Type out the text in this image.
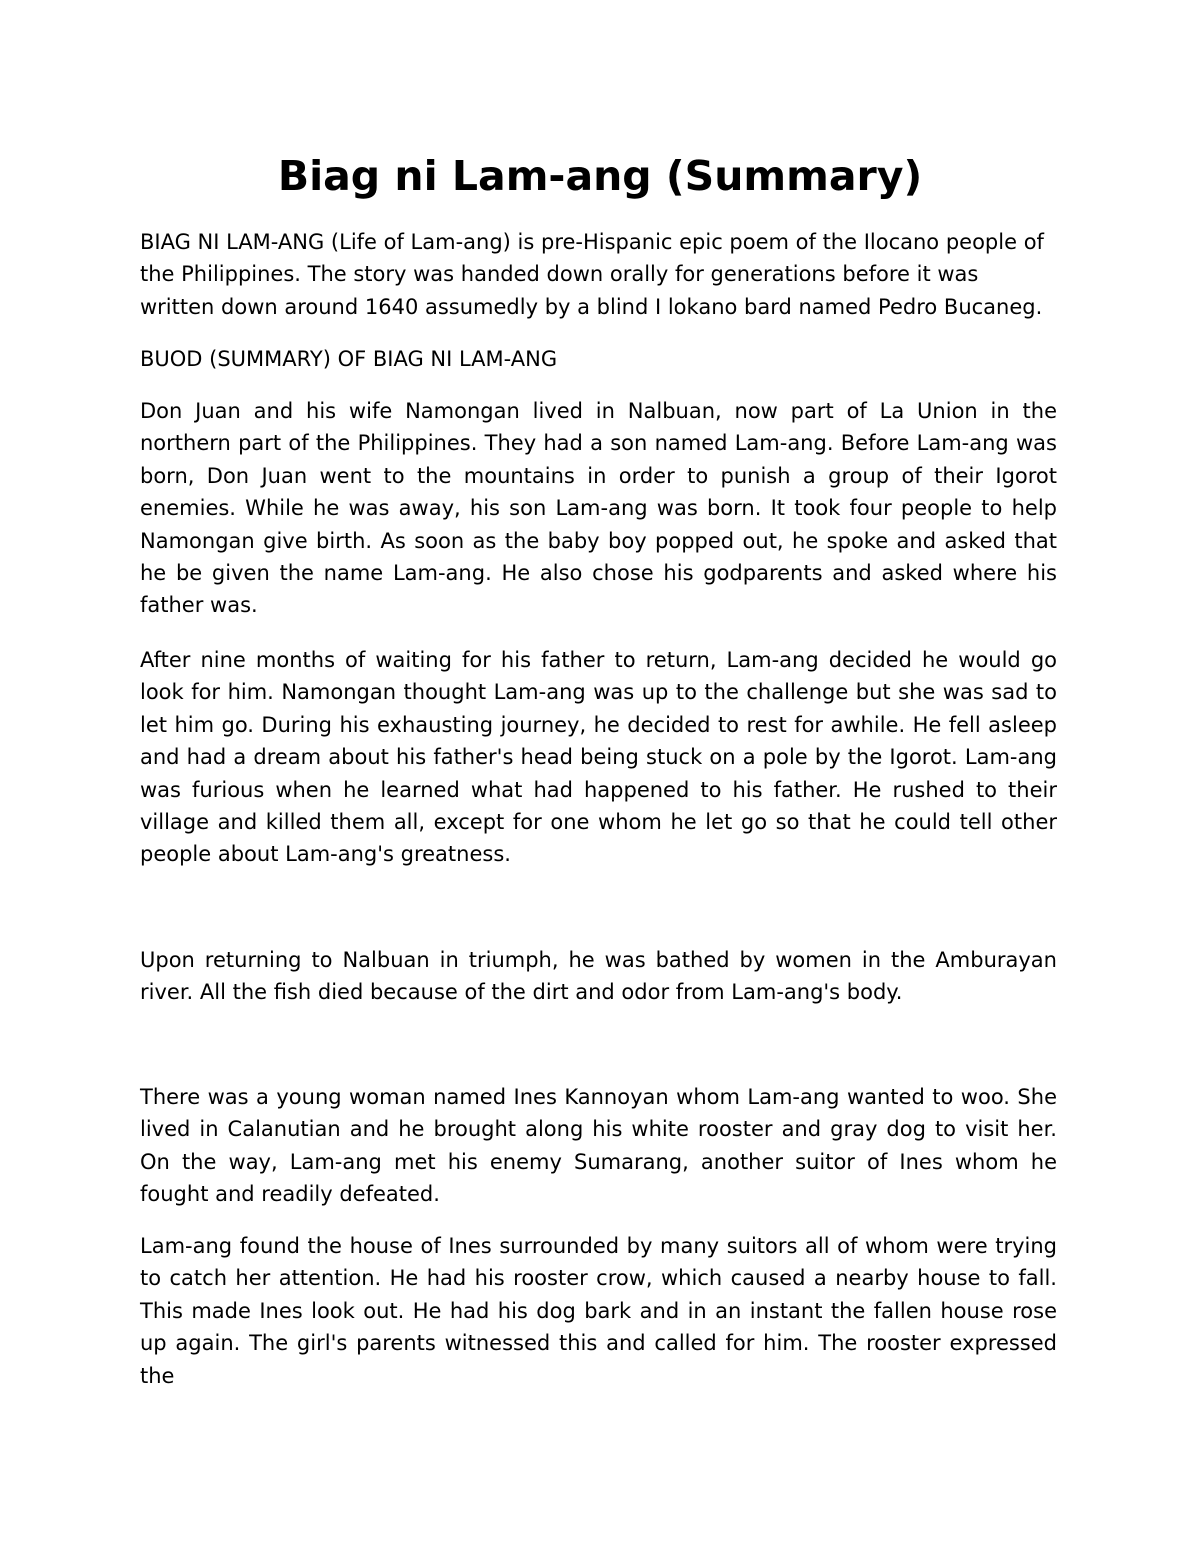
Biag ni Lam-ang (Summary)

BIAG NI LAM-ANG (Life of Lam-ang) is pre-Hispanic epic poem of the Ilocano people of the Philippines. The story was handed down orally for generations before it was written down around 1640 assumedly by a blind I lokano bard named Pedro Bucaneg.

BUOD (SUMMARY) OF BIAG NI LAM-ANG

Don Juan and his wife Namongan lived in Nalbuan, now part of La Union in the northern part of the Philippines. They had a son named Lam-ang. Before Lam-ang was born, Don Juan went to the mountains in order to punish a group of their Igorot enemies. While he was away, his son Lam-ang was born. It took four people to help Namongan give birth. As soon as the baby boy popped out, he spoke and asked that he be given the name Lam-ang. He also chose his godparents and asked where his father was.

After nine months of waiting for his father to return, Lam-ang decided he would go look for him. Namongan thought Lam-ang was up to the challenge but she was sad to let him go. During his exhausting journey, he decided to rest for awhile. He fell asleep and had a dream about his father's head being stuck on a pole by the Igorot. Lam-ang was furious when he learned what had happened to his father. He rushed to their village and killed them all, except for one whom he let go so that he could tell other people about Lam-ang's greatness.

Upon returning to Nalbuan in triumph, he was bathed by women in the Amburayan river. All the fish died because of the dirt and odor from Lam-ang's body.

There was a young woman named Ines Kannoyan whom Lam-ang wanted to woo. She lived in Calanutian and he brought along his white rooster and gray dog to visit her. On the way, Lam-ang met his enemy Sumarang, another suitor of Ines whom he fought and readily defeated.

Lam-ang found the house of Ines surrounded by many suitors all of whom were trying to catch her attention. He had his rooster crow, which caused a nearby house to fall. This made Ines look out. He had his dog bark and in an instant the fallen house rose up again. The girl's parents witnessed this and called for him. The rooster expressed the
